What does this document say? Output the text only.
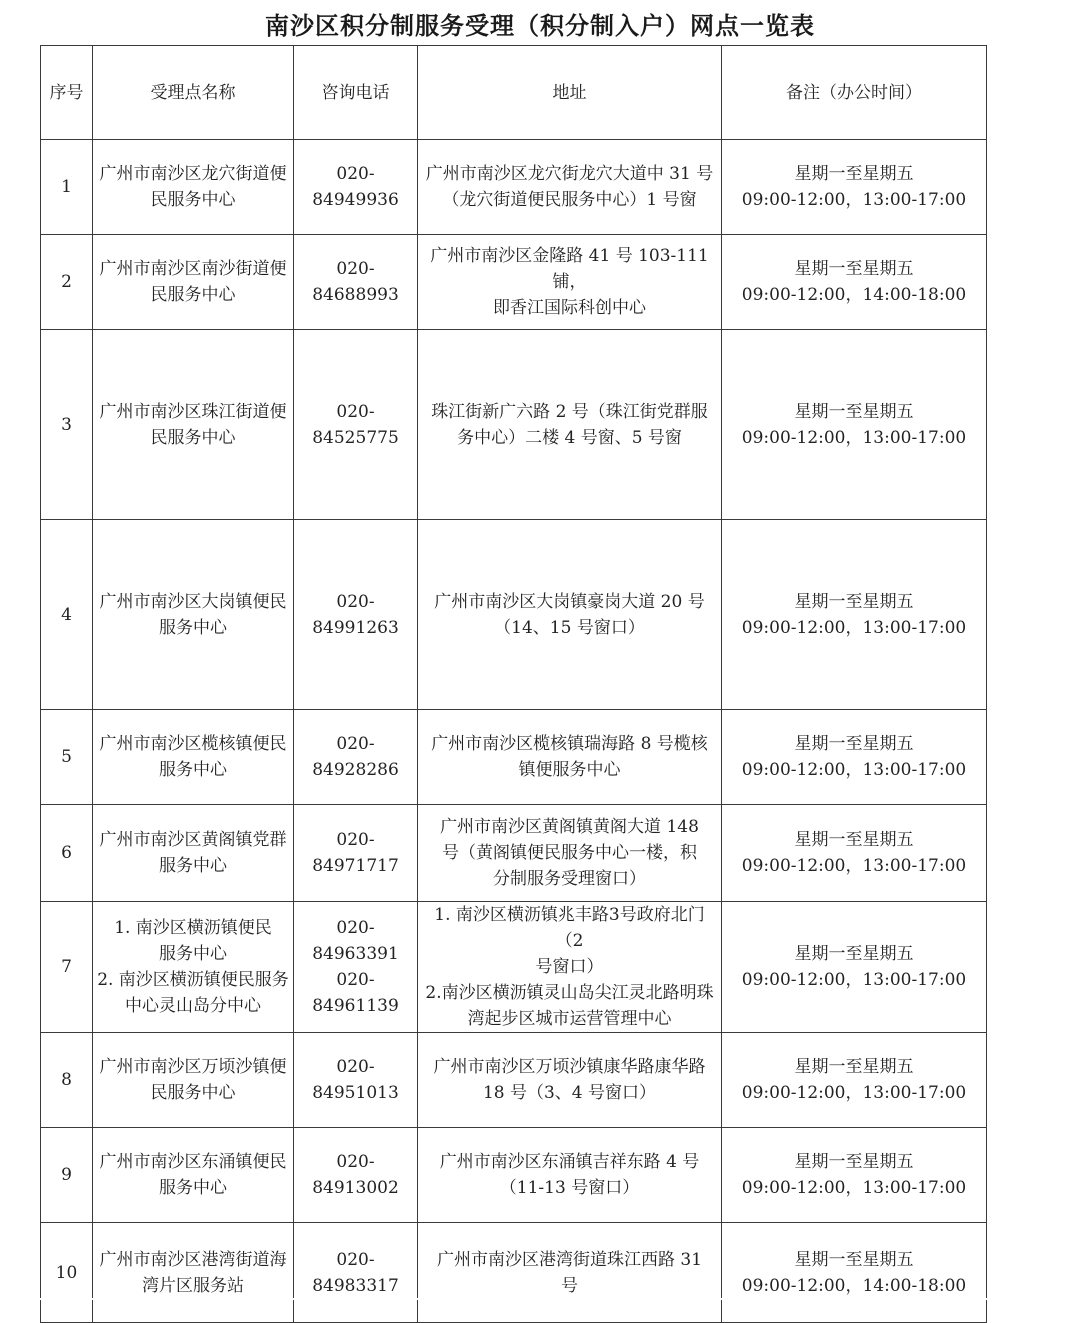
南沙区积分制服务受理（积分制入户）网点一览表
序号	受理点名称	咨询电话	地址	备注（办公时间）
1	广州市南沙区龙穴街道便
民服务中心	020-84949936	广州市南沙区龙穴街龙穴大道中 31 号
（龙穴街道便民服务中心）1 号窗	星期一至星期五
09:00-12:00，13:00-17:00

2	广州市南沙区南沙街道便
民服务中心	020-84688993	广州市南沙区金隆路 41 号 103-111 铺，
即香江国际科创中心	星期一至星期五
09:00-12:00，14:00-18:00

3	广州市南沙区珠江街道便
民服务中心	020-84525775	珠江街新广六路 2 号（珠江街党群服
务中心）二楼 4 号窗、5 号窗	星期一至星期五
09:00-12:00，13:00-17:00

4	广州市南沙区大岗镇便民
服务中心	020-84991263	广州市南沙区大岗镇豪岗大道 20 号
（14、15 号窗口）	星期一至星期五
09:00-12:00，13:00-17:00

5	广州市南沙区榄核镇便民
服务中心	020-84928286	广州市南沙区榄核镇瑞海路 8 号榄核
镇便服务中心	星期一至星期五
09:00-12:00，13:00-17:00

6	广州市南沙区黄阁镇党群
服务中心	020-84971717	广州市南沙区黄阁镇黄阁大道 148
号（黄阁镇便民服务中心一楼，积
分制服务受理窗口）	星期一至星期五
09:00-12:00，13:00-17:00

7	1. 南沙区横沥镇便民
服务中心
2. 南沙区横沥镇便民服务
中心灵山岛分中心	020-84963391
020-84961139	1. 南沙区横沥镇兆丰路3号政府北门（2
号窗口）
2.南沙区横沥镇灵山岛尖江灵北路明珠
湾起步区城市运营管理中心	星期一至星期五
09:00-12:00，13:00-17:00

8	广州市南沙区万顷沙镇便
民服务中心	020-84951013	广州市南沙区万顷沙镇康华路康华路
18 号（3、4 号窗口）	星期一至星期五
09:00-12:00，13:00-17:00

9	广州市南沙区东涌镇便民
服务中心	020-84913002	广州市南沙区东涌镇吉祥东路 4 号
（11-13 号窗口）	星期一至星期五
09:00-12:00，13:00-17:00

10	广州市南沙区港湾街道海
湾片区服务站	020-84983317	广州市南沙区港湾街道珠江西路 31
号	星期一至星期五
09:00-12:00，14:00-18:00
